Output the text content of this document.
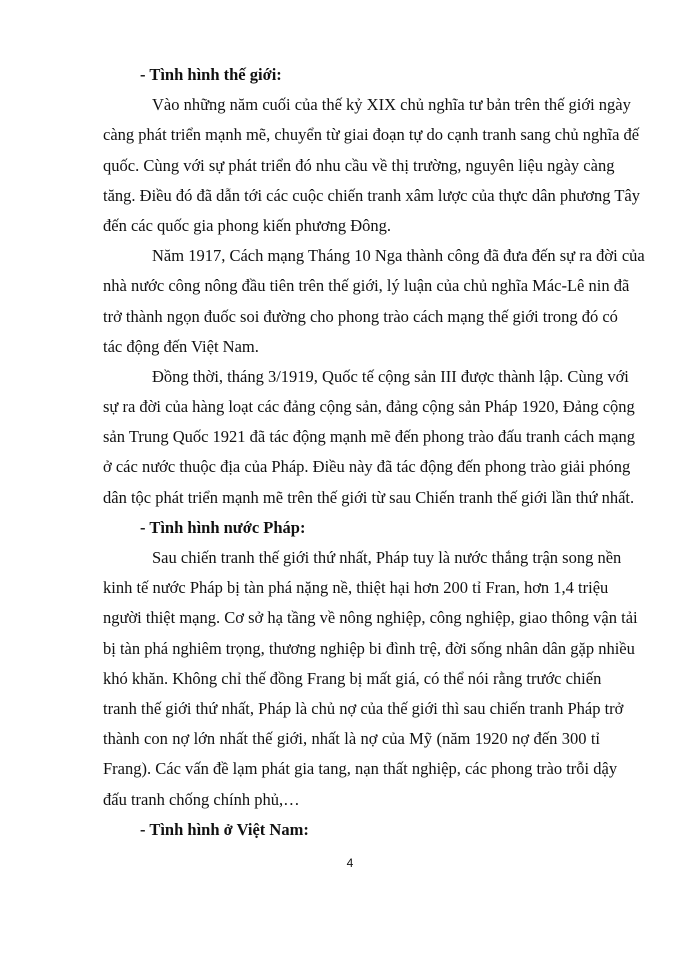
- Tình hình thế giới:
Vào những năm cuối của thế kỷ XIX chủ nghĩa tư bản trên thế giới ngày
càng phát triển mạnh mẽ, chuyển từ giai đoạn tự do cạnh tranh sang chủ nghĩa đế
quốc. Cùng với sự phát triển đó nhu cầu về thị trường, nguyên liệu ngày càng
tăng. Điều đó đã dẫn tới các cuộc chiến tranh xâm lược của thực dân phương Tây
đến các quốc gia phong kiến phương Đông.
Năm 1917, Cách mạng Tháng 10 Nga thành công đã đưa đến sự ra đời của
nhà nước công nông đầu tiên trên thế giới, lý luận của chủ nghĩa Mác-Lê nin đã
trở thành ngọn đuốc soi đường cho phong trào cách mạng thế giới trong đó có
tác động đến Việt Nam.
Đồng thời, tháng 3/1919, Quốc tế cộng sản III được thành lập. Cùng với
sự ra đời của hàng loạt các đảng cộng sản, đảng cộng sản Pháp 1920, Đảng cộng
sản Trung Quốc 1921 đã tác động mạnh mẽ đến phong trào đấu tranh cách mạng
ở các nước thuộc địa của Pháp. Điều này đã tác động đến phong trào giải phóng
dân tộc phát triển mạnh mẽ trên thế giới từ sau Chiến tranh thế giới lần thứ nhất.
- Tình hình nước Pháp:
Sau chiến tranh thế giới thứ nhất, Pháp tuy là nước thắng trận song nền
kinh tế nước Pháp bị tàn phá nặng nề, thiệt hại hơn 200 tỉ Fran, hơn 1,4 triệu
người thiệt mạng. Cơ sở hạ tầng về nông nghiệp, công nghiệp, giao thông vận tải
bị tàn phá nghiêm trọng, thương nghiệp bi đình trệ, đời sống nhân dân gặp nhiều
khó khăn. Không chỉ thế đồng Frang bị mất giá, có thể nói rằng trước chiến
tranh thế giới thứ nhất, Pháp là chủ nợ của thế giới thì sau chiến tranh Pháp trở
thành con nợ lớn nhất thế giới, nhất là nợ của Mỹ (năm 1920 nợ đến 300 tỉ
Frang). Các vấn đề lạm phát gia tang, nạn thất nghiệp, các phong trào trỗi dậy
đấu tranh chống chính phủ,…
- Tình hình ở Việt Nam:
4
